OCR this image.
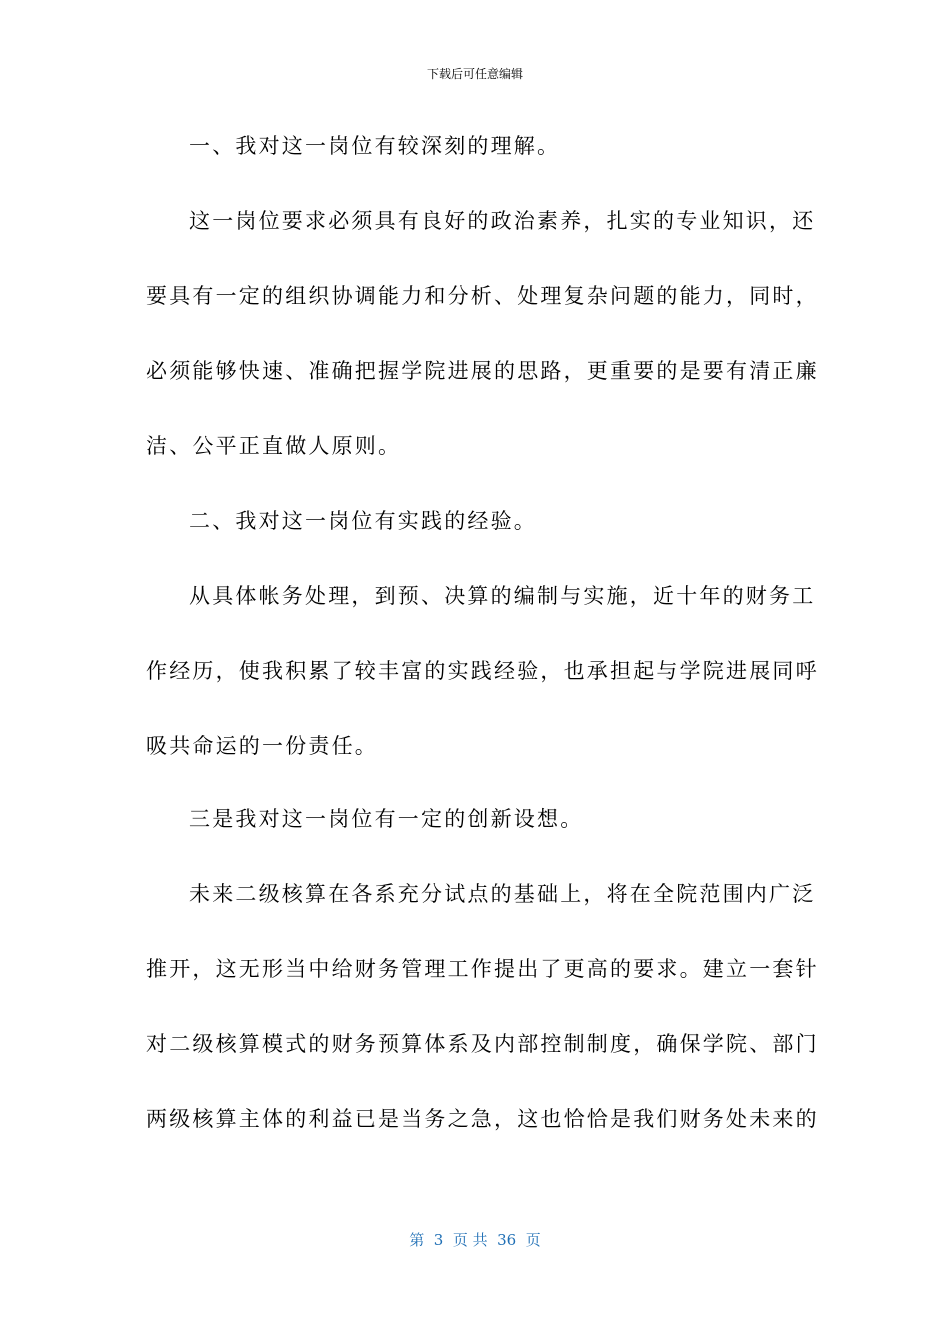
下载后可任意编辑
一、我对这一岗位有较深刻的理解。
这一岗位要求必须具有良好的政治素养，扎实的专业知识，还
要具有一定的组织协调能力和分析、处理复杂问题的能力，同时，
必须能够快速、准确把握学院进展的思路，更重要的是要有清正廉
洁、公平正直做人原则。
二、我对这一岗位有实践的经验。
从具体帐务处理，到预、决算的编制与实施，近十年的财务工
作经历，使我积累了较丰富的实践经验，也承担起与学院进展同呼
吸共命运的一份责任。
三是我对这一岗位有一定的创新设想。
未来二级核算在各系充分试点的基础上，将在全院范围内广泛
推开，这无形当中给财务管理工作提出了更高的要求。建立一套针
对二级核算模式的财务预算体系及内部控制制度，确保学院、部门
两级核算主体的利益已是当务之急，这也恰恰是我们财务处未来的
第  3  页 共  36  页
